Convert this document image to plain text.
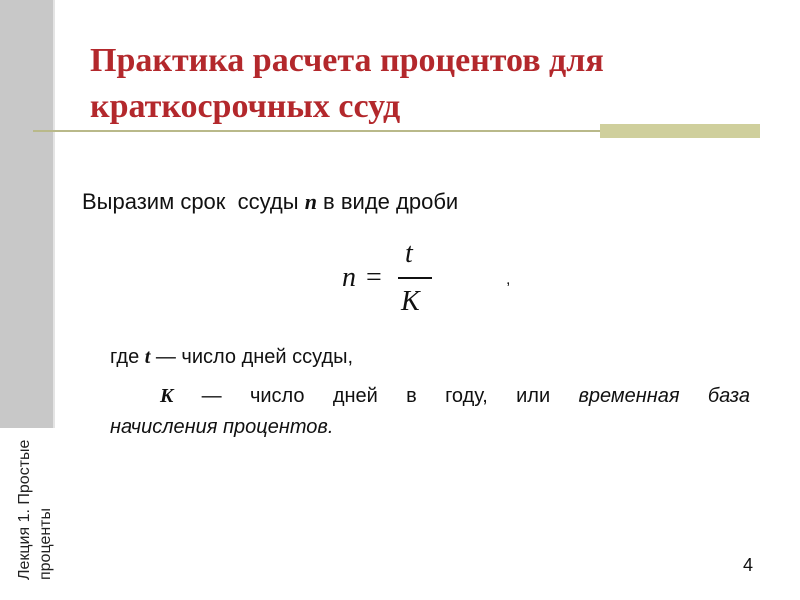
Практика расчета процентов для краткосрочных ссуд
Выразим срок  ссуды n в виде дроби
n =
t
K
,
где t — число дней ссуды,
K — число дней в году, или временная база
начисления процентов.
Лекция 1. Простые проценты	4
